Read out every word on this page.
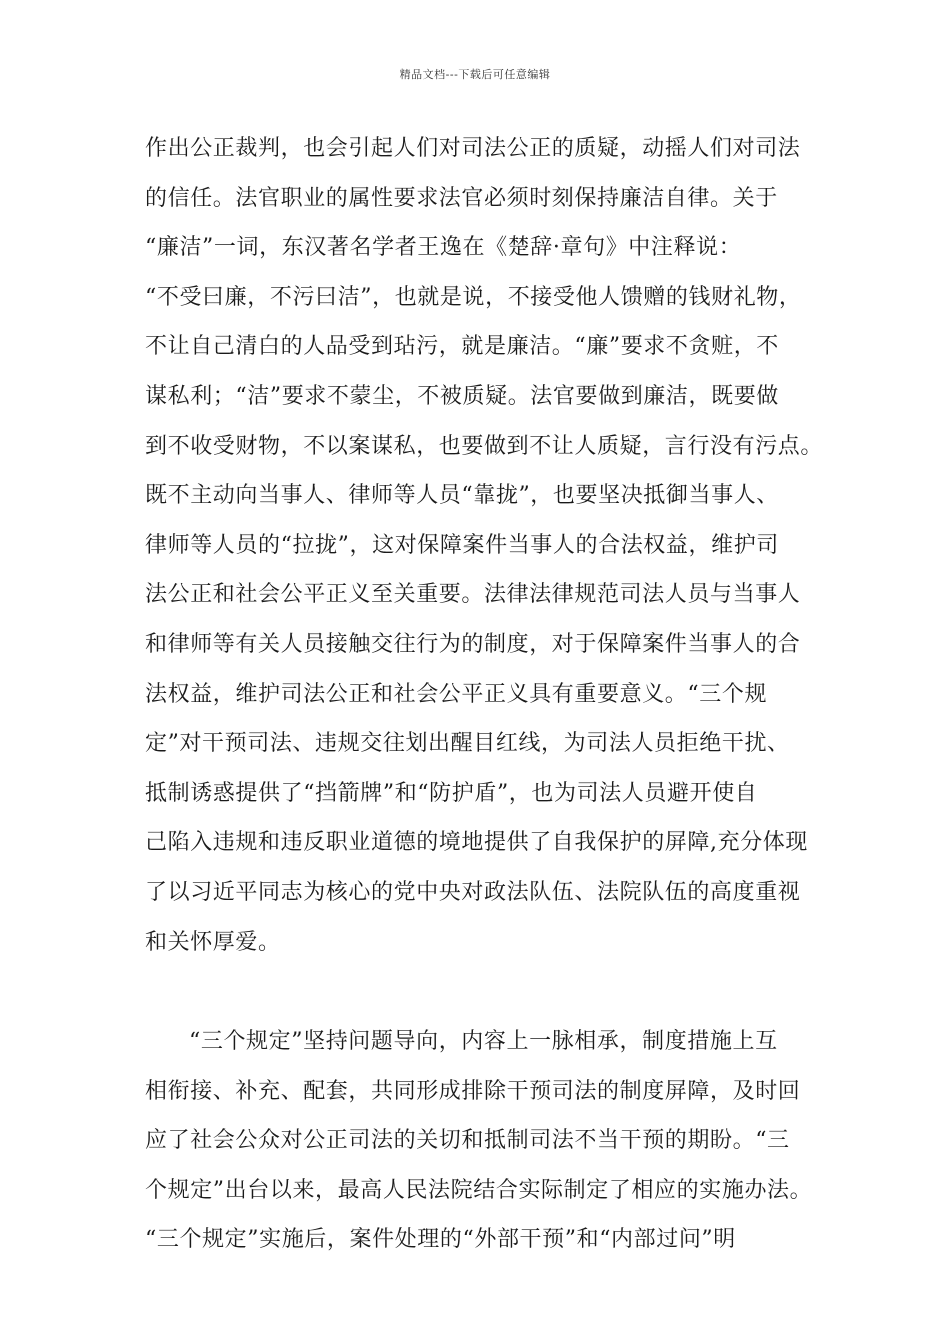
精品文档---下载后可任意编辑
作出公正裁判，也会引起人们对司法公正的质疑，动摇人们对司法
的信任。法官职业的属性要求法官必须时刻保持廉洁自律。关于
“廉洁”一词，东汉著名学者王逸在《楚辞·章句》中注释说：
“不受曰廉，不污曰洁”，也就是说，不接受他人馈赠的钱财礼物，
不让自己清白的人品受到玷污，就是廉洁。“廉”要求不贪赃，不
谋私利；“洁”要求不蒙尘，不被质疑。法官要做到廉洁，既要做
到不收受财物，不以案谋私，也要做到不让人质疑，言行没有污点。
既不主动向当事人、律师等人员“靠拢”，也要坚决抵御当事人、
律师等人员的“拉拢”，这对保障案件当事人的合法权益，维护司
法公正和社会公平正义至关重要。法律法律规范司法人员与当事人
和律师等有关人员接触交往行为的制度，对于保障案件当事人的合
法权益，维护司法公正和社会公平正义具有重要意义。“三个规
定”对干预司法、违规交往划出醒目红线，为司法人员拒绝干扰、
抵制诱惑提供了“挡箭牌”和“防护盾”，也为司法人员避开使自
己陷入违规和违反职业道德的境地提供了自我保护的屏障,充分体现
了以习近平同志为核心的党中央对政法队伍、法院队伍的高度重视
和关怀厚爱。
“三个规定”坚持问题导向，内容上一脉相承，制度措施上互
相衔接、补充、配套，共同形成排除干预司法的制度屏障，及时回
应了社会公众对公正司法的关切和抵制司法不当干预的期盼。“三
个规定”出台以来，最高人民法院结合实际制定了相应的实施办法。
“三个规定”实施后，案件处理的“外部干预”和“内部过问”明
